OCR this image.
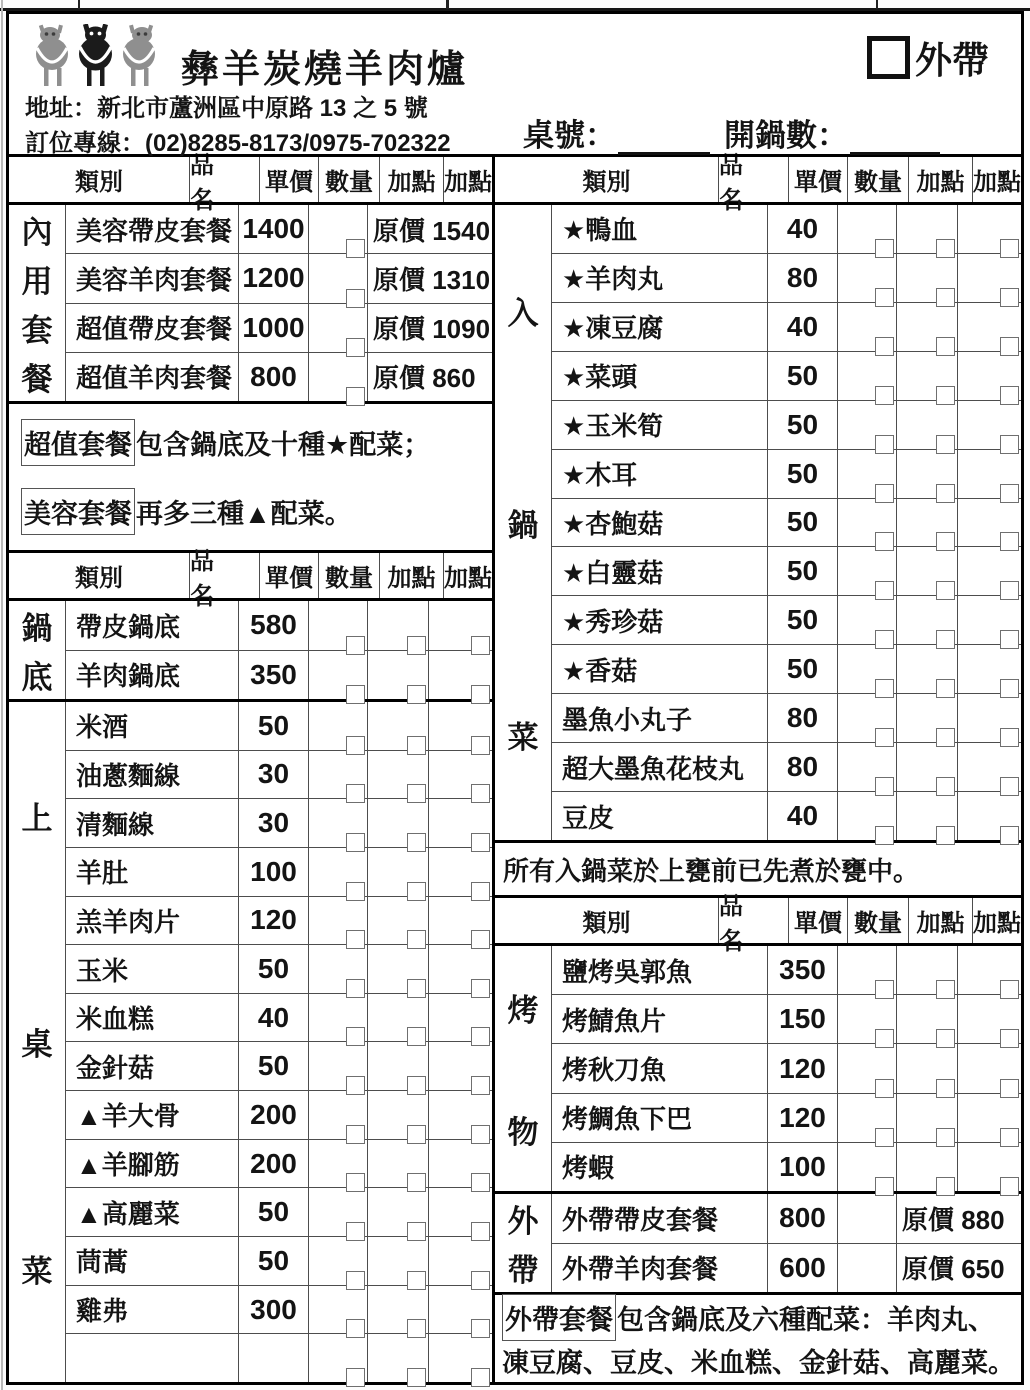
彝羊炭燒羊肉爐	外帶
地址：新北市蘆洲區中原路 13 之 5 號
訂位專線：(02)8285-8173/0975-702322 桌號：	開鍋數：
類別
品　名
單價 數量 加點 加點
內
用
套
餐
美容帶皮套餐 1400	原價 1540
美容羊肉套餐 1200	原價 1310
超值帶皮套餐 1000	原價 1090
超值羊肉套餐 800	原價 860
超值套餐 包含鍋底及十種★配菜；
美容套餐 再多三種▲配菜。
類別
品　名
單價 數量 加點 加點
鍋
底
帶皮鍋底	580
羊肉鍋底	350
上
桌
菜
米酒	50
油蔥麵線	30
清麵線	30
羊肚	100
羔羊肉片	120
玉米	50
米血糕	40
金針菇	50
▲羊大骨	200
▲羊腳筋	200
▲高麗菜	50
茼蒿	50
雞弗	300
類別
品　名
單價 數量 加點 加點
入
鍋
菜
★鴨血	40
★羊肉丸	80
★凍豆腐	40
★菜頭	50
★玉米筍	50
★木耳	50
★杏鮑菇	50
★白靈菇	50
★秀珍菇	50
★香菇	50
墨魚小丸子	80
超大墨魚花枝丸	80
豆皮	40
所有入鍋菜於上甕前已先煮於甕中。
類別
品　名
單價 數量 加點 加點
烤
物
鹽烤吳郭魚	350
烤鯖魚片	150
烤秋刀魚	120
烤鯛魚下巴	120
烤蝦	100
外
帶
外帶帶皮套餐	800	原價 880
外帶羊肉套餐	600	原價 650
外帶套餐 包含鍋底及六種配菜：羊肉丸、
凍豆腐、豆皮、米血糕、金針菇、高麗菜。
